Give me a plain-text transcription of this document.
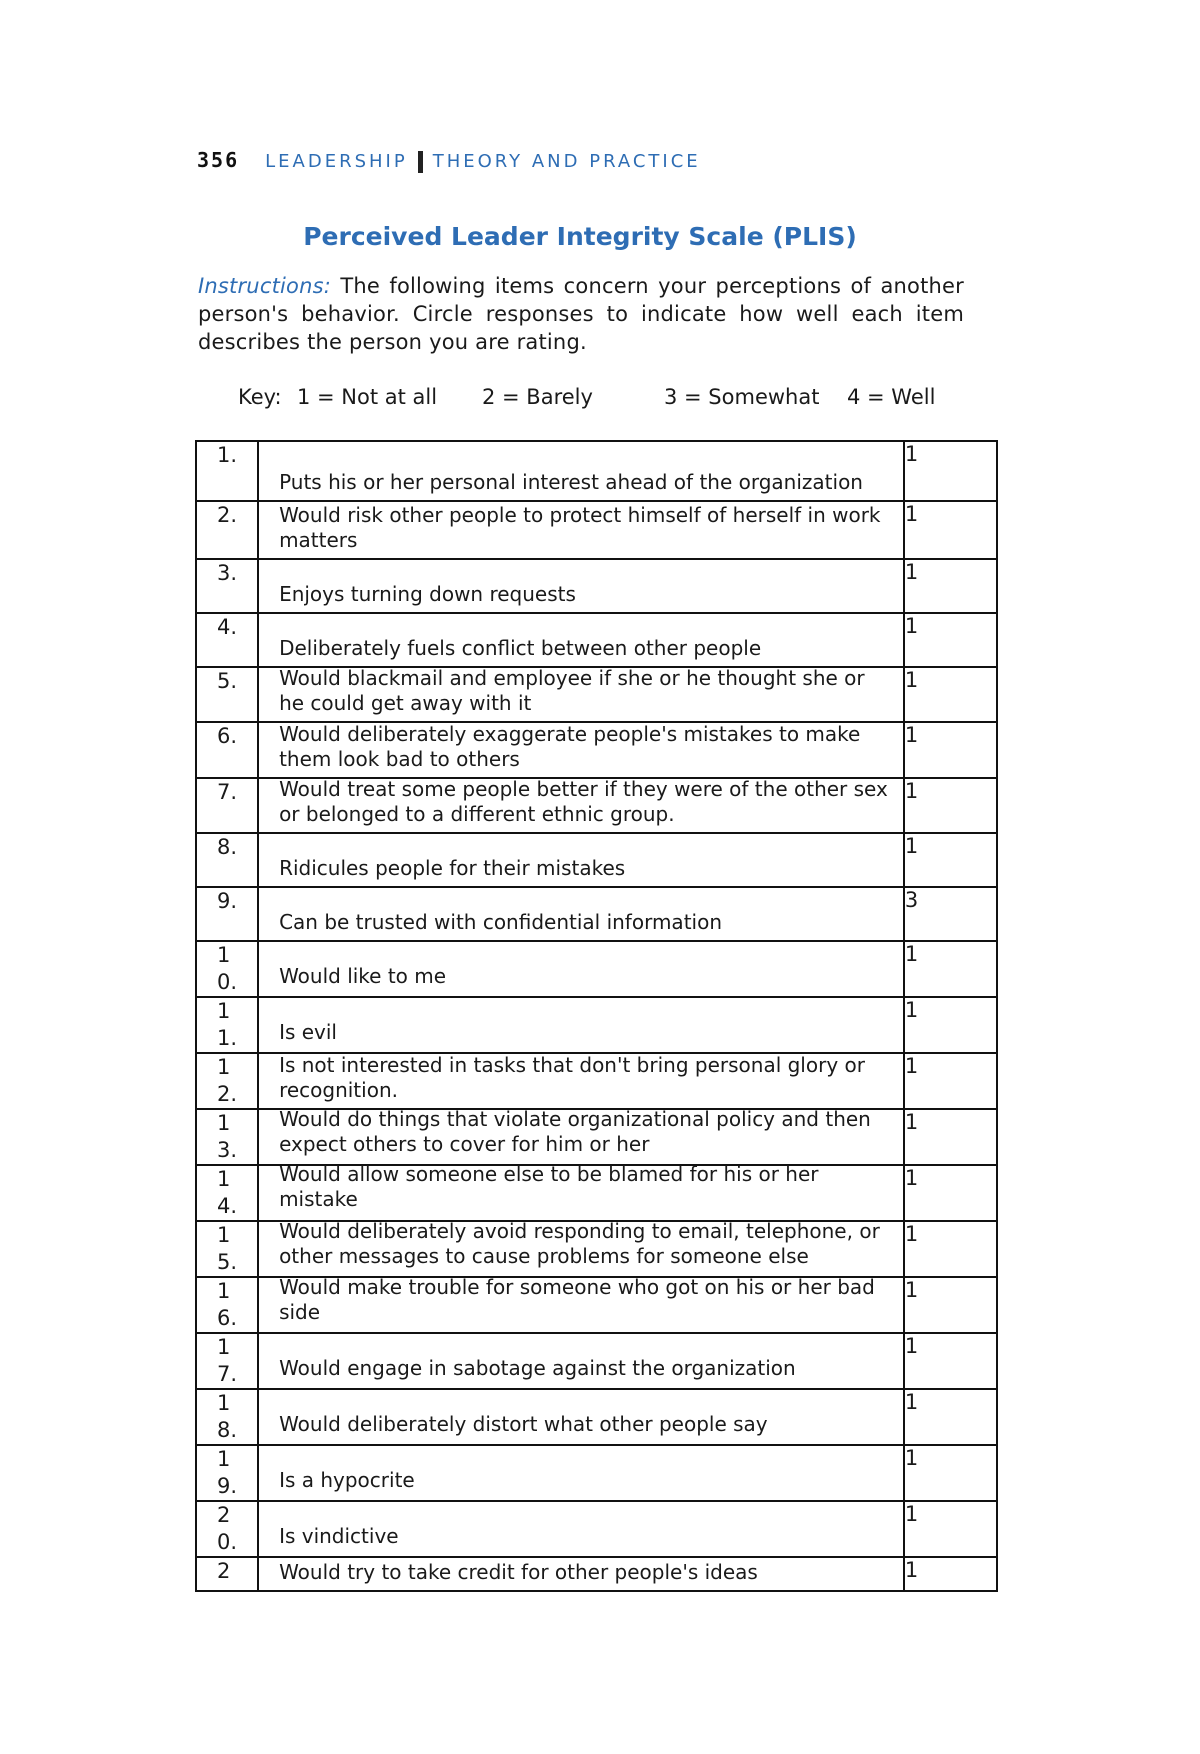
356 LEADERSHIP THEORY AND PRACTICE
Perceived Leader Integrity Scale (PLIS)
Instructions: The following items concern your perceptions of another person's behavior. Circle responses to indicate how well each item describes the person you are rating.
Key: 1 = Not at all 2 = Barely	3 = Somewhat 4 = Well
1.	Puts his or her personal interest ahead of the organization	1

2.	Would risk other people to protect himself of herself in work matters	1

3.	Enjoys turning down requests	1

4.	Deliberately fuels conflict between other people	1

5.	Would blackmail and employee if she or he thought she or he could get away with it	1

6.	Would deliberately exaggerate people's mistakes to make them look bad to others	1

7.	Would treat some people better if they were of the other sex or belonged to a different ethnic group.	1

8.	Ridicules people for their mistakes	1

9.	Can be trusted with confidential information	3

10.	Would like to me	1

11.	Is evil	1

12.	Is not interested in tasks that don't bring personal glory or recognition.	1

13.	Would do things that violate organizational policy and then expect others to cover for him or her	1

14.	Would allow someone else to be blamed for his or her mistake	1

15.	Would deliberately avoid responding to email, telephone, or other messages to cause problems for someone else	1

16.	Would make trouble for someone who got on his or her bad side	1

17.	Would engage in sabotage against the organization	1

18.	Would deliberately distort what other people say	1

19.	Is a hypocrite	1

20.	Is vindictive	1

2	Would try to take credit for other people's ideas	1
